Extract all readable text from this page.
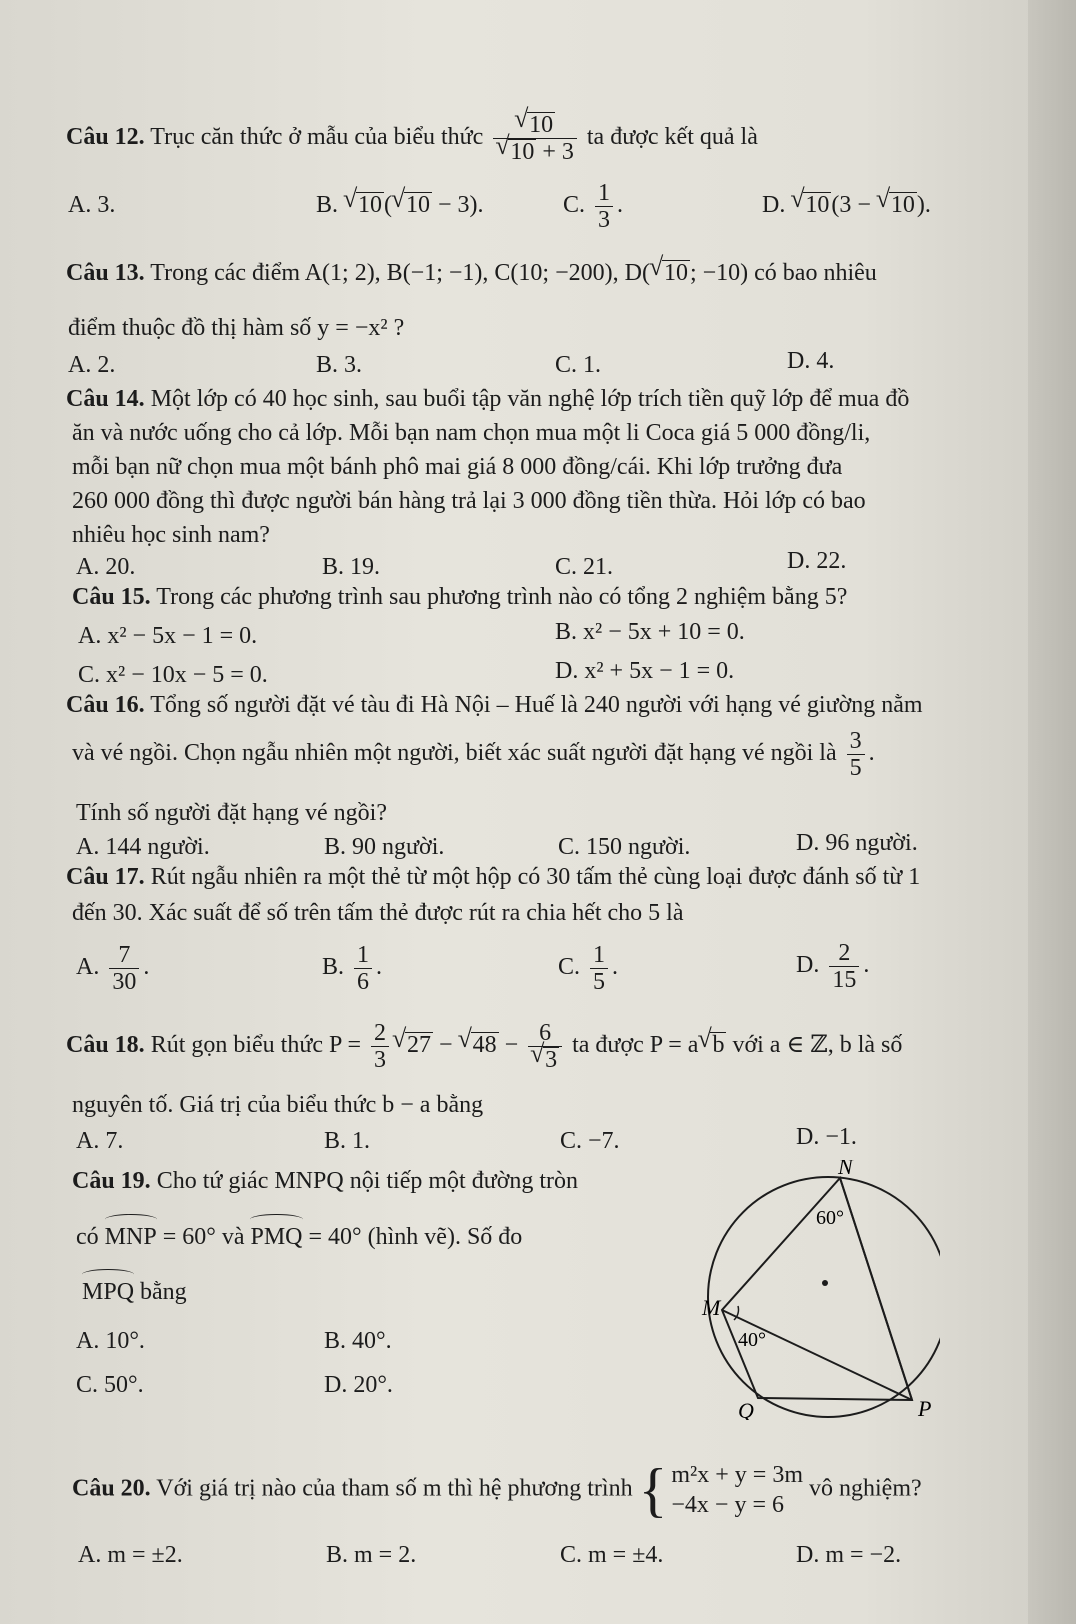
Câu 12. Trục căn thức ở mẫu của biểu thức √ 10
√ 10 + 3 ta được kết quả là
A. 3.	B. √ 10( √ 10 − 3).	C. $\frac{1}{3}$ .	D. √ 10(3 − √ 10).
Câu 13. Trong các điểm A(1; 2), B(−1; −1), C(10; −200), D( √ 10; −10) có bao nhiêu
điểm thuộc đồ thị hàm số y = −x² ?
A. 2.	B. 3.	C. 1.	D. 4.
Câu 14. Một lớp có 40 học sinh, sau buổi tập văn nghệ lớp trích tiền quỹ lớp để mua đồ
ăn và nước uống cho cả lớp. Mỗi bạn nam chọn mua một li Coca giá 5 000 đồng/li,
mỗi bạn nữ chọn mua một bánh phô mai giá 8 000 đồng/cái. Khi lớp trưởng đưa
260 000 đồng thì được người bán hàng trả lại 3 000 đồng tiền thừa. Hỏi lớp có bao
nhiêu học sinh nam?
A. 20.	B. 19.	C. 21.	D. 22.
Câu 15. Trong các phương trình sau phương trình nào có tổng 2 nghiệm bằng 5?
A. x² − 5x − 1 = 0.	B. x² − 5x + 10 = 0.
C. x² − 10x − 5 = 0.	D. x² + 5x − 1 = 0.
Câu 16. Tổng số người đặt vé tàu đi Hà Nội – Huế là 240 người với hạng vé giường nằm
và vé ngồi. Chọn ngẫu nhiên một người, biết xác suất người đặt hạng vé ngồi là $\frac{3}{5}$ .
Tính số người đặt hạng vé ngồi?
A. 144 người.	B. 90 người.	C. 150 người.	D. 96 người.
Câu 17. Rút ngẫu nhiên ra một thẻ từ một hộp có 30 tấm thẻ cùng loại được đánh số từ 1
đến 30. Xác suất để số trên tấm thẻ được rút ra chia hết cho 5 là
A. $\frac{7}{30}$ .	B. $\frac{1}{6}$ .	C. $\frac{1}{5}$ .	D. $\frac{2}{15}$ .
Câu 18. Rút gọn biểu thức $P = \frac{2}{3}$ √ 27 − √ 48 − 6
√ 3 ta được P = a √ b với a ∈ ℤ, b là số
nguyên tố. Giá trị của biểu thức b − a bằng
A. 7.	B. 1.	C. −7.	D. −1.
Câu 19. Cho tứ giác MNPQ nội tiếp một đường tròn
có MNP = 60° và PMQ = 40° (hình vẽ). Số đo
MPQ bằng
A. 10°.	B. 40°.
C. 50°.	D. 20°.
N
M
P
Q
60°
40°
Câu 20. Với giá trị nào của tham số m thì hệ phương trình { m²x + y = 3m
−4x − y = 6
vô nghiệm?
A. m = ±2.	B. m = 2.	C. m = ±4.	D. m = −2.
